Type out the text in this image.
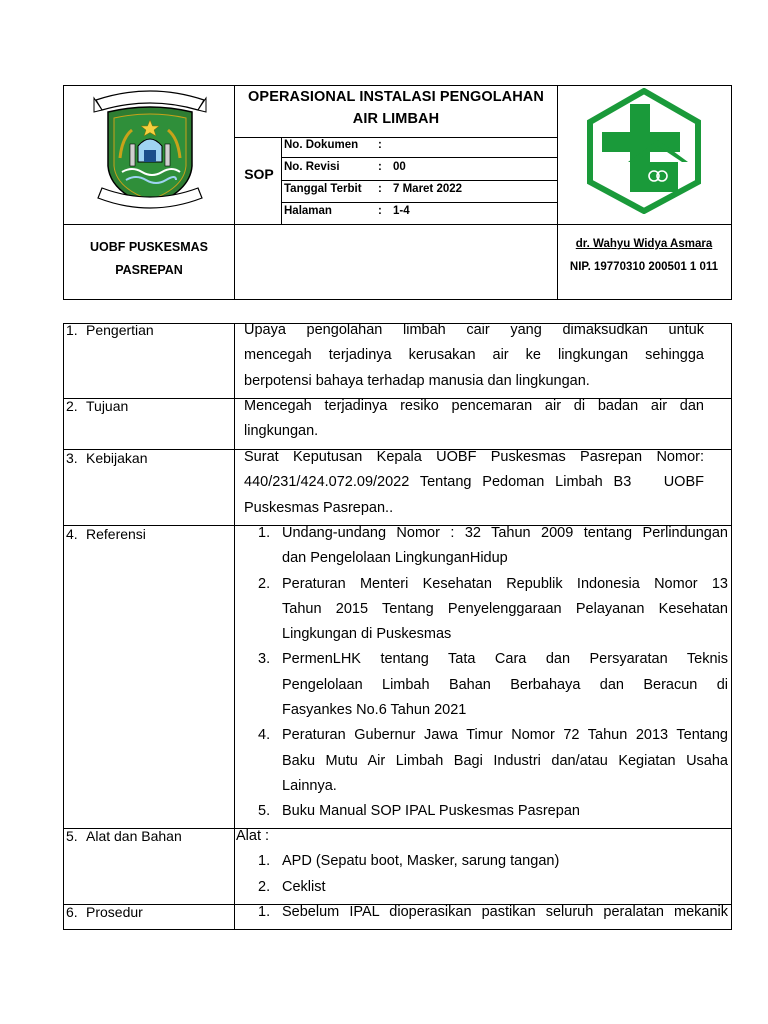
OPERASIONAL INSTALASI PENGOLAHAN
AIR LIMBAH
SOP
No. Dokumen :
No. Revisi	: 00
Tanggal Terbit : 7 Maret 2022
Halaman	: 1-4
UOBF PUSKESMAS
PASREPAN
dr. Wahyu Widya Asmara
NIP. 19770310 200501 1 011
1. Pengertian
2. Tujuan
3. Kebijakan
4. Referensi
5. Alat dan Bahan
6. Prosedur

Upaya pengolahan limbah cair yang dimaksudkan untuk

mencegah terjadinya kerusakan air ke lingkungan sehingga

berpotensi bahaya terhadap manusia dan lingkungan.

Mencegah terjadinya resiko pencemaran air di badan air dan

lingkungan.

Surat Keputusan Kepala UOBF Puskesmas Pasrepan Nomor:

440/231/424.072.09/2022 Tentang Pedoman Limbah B3   UOBF

Puskesmas Pasrepan..

1. Undang-undang Nomor : 32 Tahun 2009 tentang Perlindungan

dan Pengelolaan LingkunganHidup

2. Peraturan Menteri Kesehatan Republik Indonesia Nomor 13

Tahun 2015 Tentang Penyelenggaraan Pelayanan Kesehatan

Lingkungan di Puskesmas

3. PermenLHK tentang Tata Cara dan Persyaratan Teknis

Pengelolaan Limbah Bahan Berbahaya dan Beracun di

Fasyankes No.6 Tahun 2021

4. Peraturan Gubernur Jawa Timur Nomor 72 Tahun 2013 Tentang

Baku Mutu Air Limbah Bagi Industri dan/atau Kegiatan Usaha

Lainnya.

5. Buku Manual SOP IPAL Puskesmas Pasrepan

Alat :

1. APD (Sepatu boot, Masker, sarung tangan)

2. Ceklist

1. Sebelum IPAL dioperasikan pastikan seluruh peralatan mekanik
